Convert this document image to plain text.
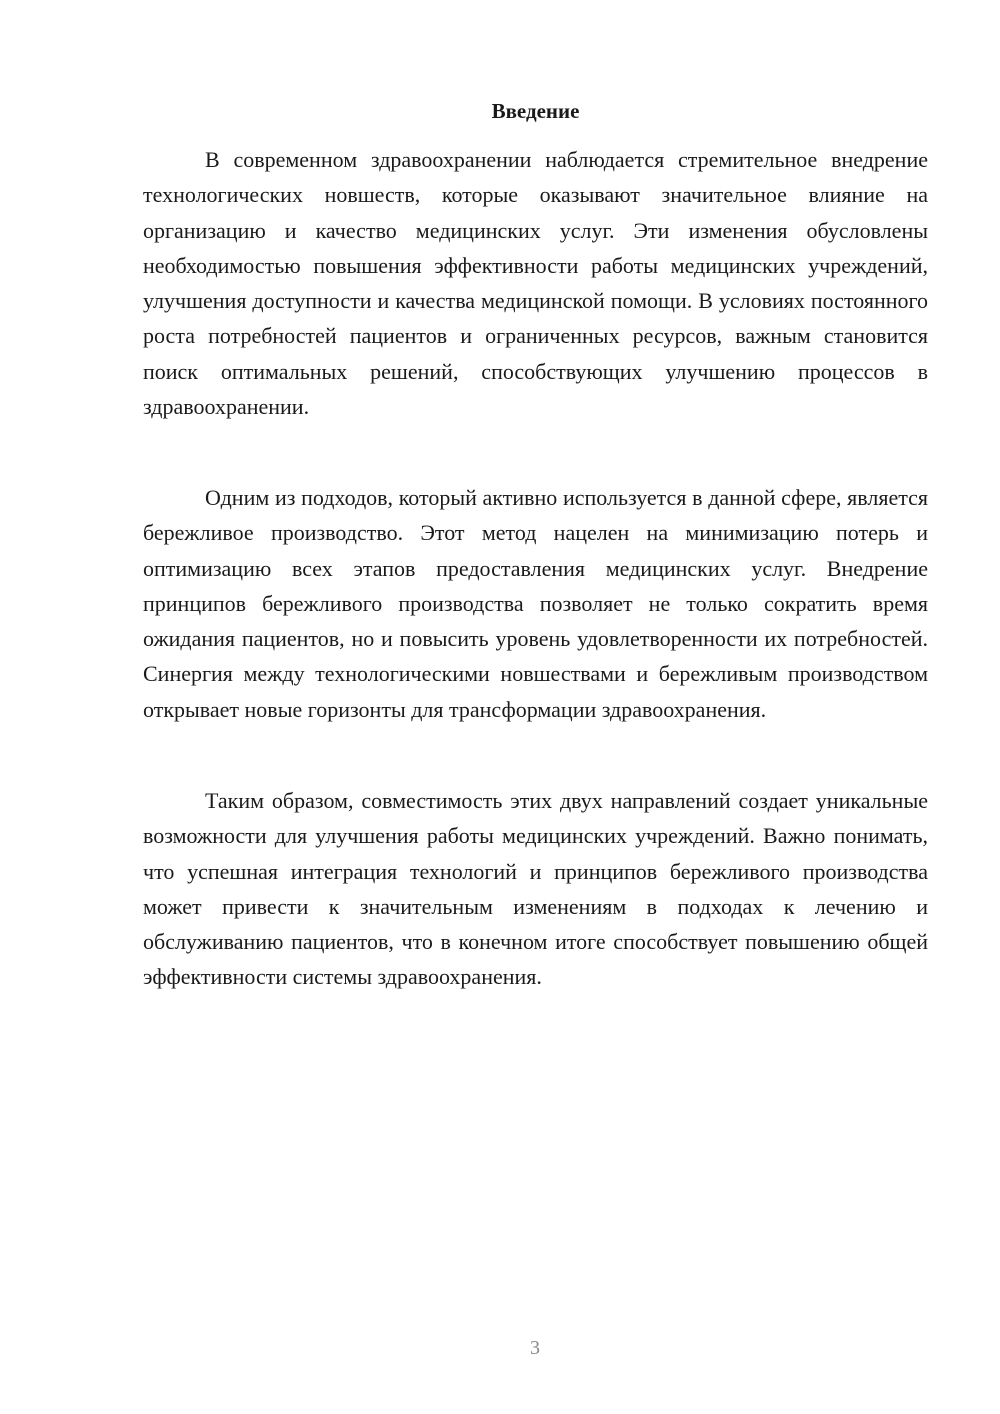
Введение

В современном здравоохранении наблюдается стремительное внедрение технологических новшеств, которые оказывают значительное влияние на организацию и качество медицинских услуг. Эти изменения обусловлены необходимостью повышения эффективности работы медицинских учреждений, улучшения доступности и качества медицинской помощи. В условиях постоянного роста потребностей пациентов и ограниченных ресурсов, важным становится поиск оптимальных решений, способствующих улучшению процессов в здравоохранении.

Одним из подходов, который активно используется в данной сфере, является бережливое производство. Этот метод нацелен на минимизацию потерь и оптимизацию всех этапов предоставления медицинских услуг. Внедрение принципов бережливого производства позволяет не только сократить время ожидания пациентов, но и повысить уровень удовлетворенности их потребностей. Синергия между технологическими новшествами и бережливым производством открывает новые горизонты для трансформации здравоохранения.

Таким образом, совместимость этих двух направлений создает уникальные возможности для улучшения работы медицинских учреждений. Важно понимать, что успешная интеграция технологий и принципов бережливого производства может привести к значительным изменениям в подходах к лечению и обслуживанию пациентов, что в конечном итоге способствует повышению общей эффективности системы здравоохранения.

3
